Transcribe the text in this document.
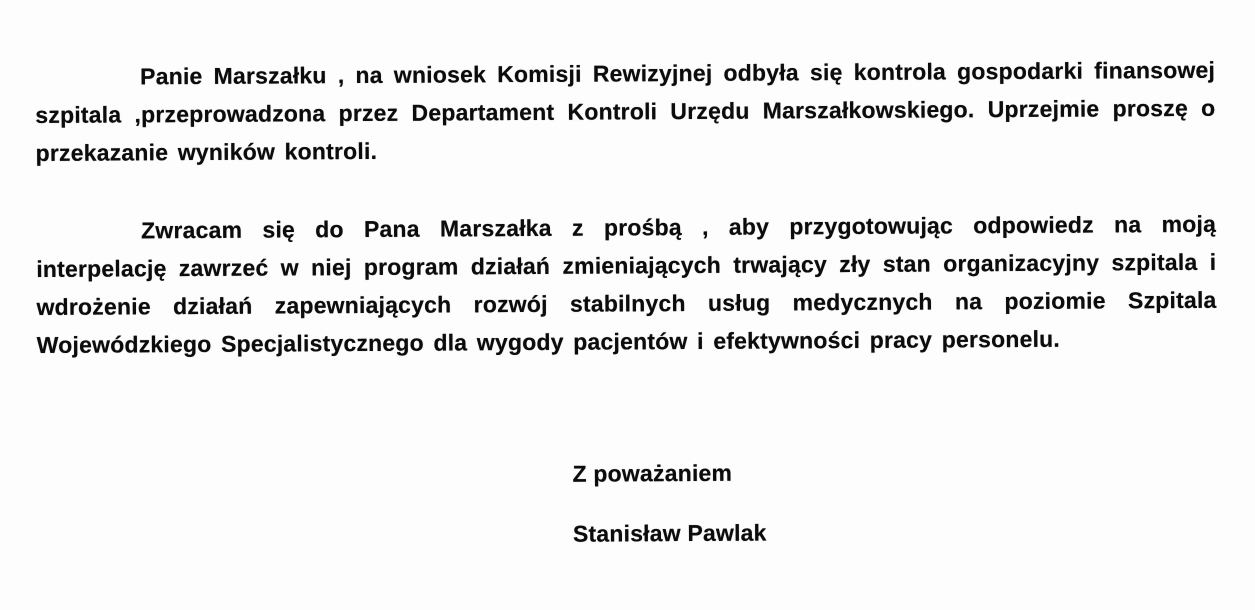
Panie Marszałku , na wniosek Komisji Rewizyjnej odbyła się kontrola gospodarki finansowej szpitala ,przeprowadzona przez Departament Kontroli Urzędu Marszałkowskiego. Uprzejmie proszę o przekazanie wyników kontroli.

Zwracam się do Pana Marszałka z prośbą , aby przygotowując odpowiedz na moją interpelację zawrzeć w niej program działań zmieniających trwający zły stan organizacyjny szpitala i wdrożenie działań zapewniających rozwój stabilnych usług medycznych na poziomie Szpitala Wojewódzkiego Specjalistycznego dla wygody pacjentów i efektywności pracy personelu.

Z poważaniem

Stanisław Pawlak
